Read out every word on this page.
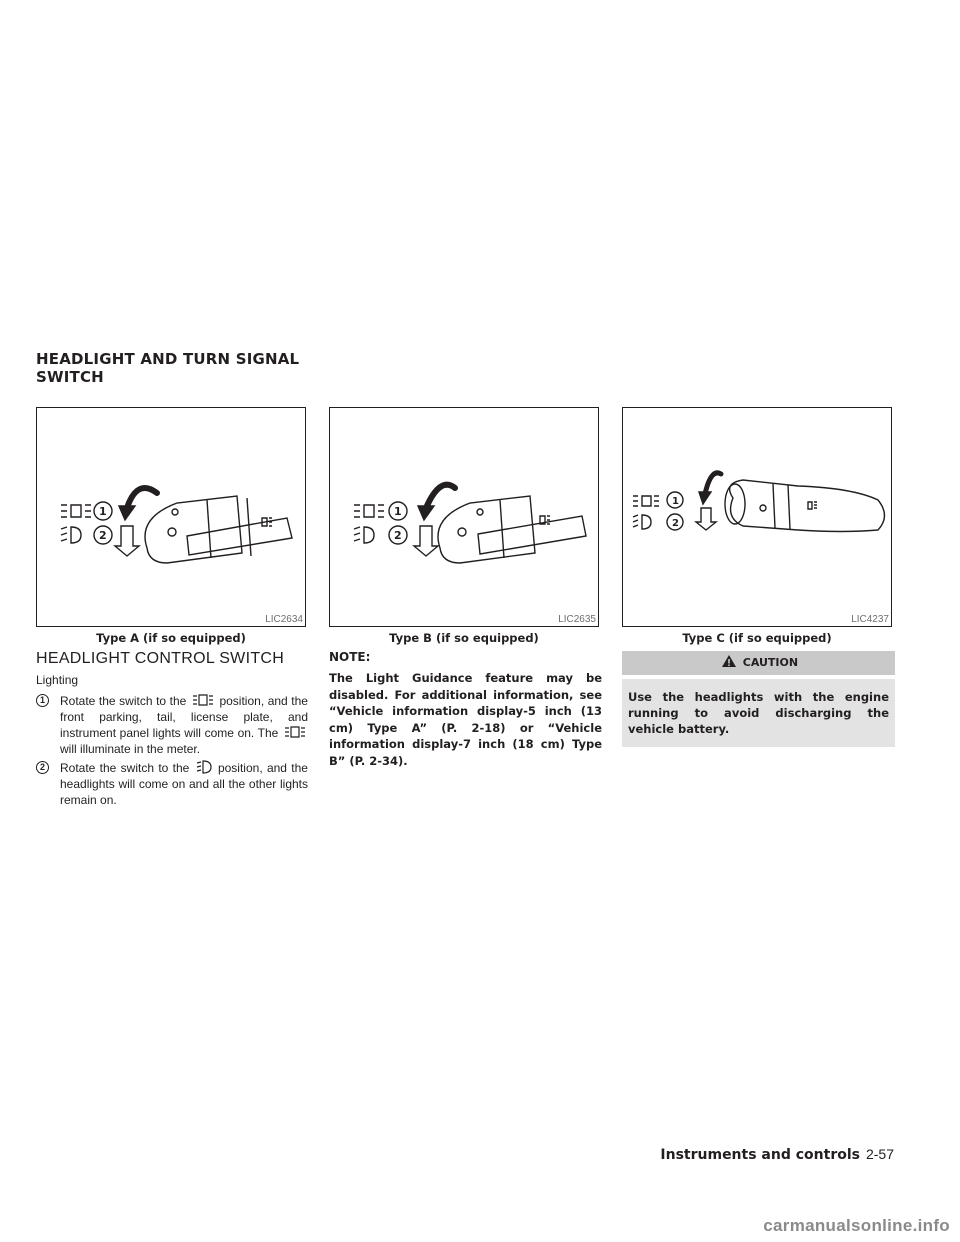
HEADLIGHT AND TURN SIGNAL
SWITCH
1
2
LIC2634
Type A (if so equipped)
1
2
LIC2635
Type B (if so equipped)
1
2
LIC4237
Type C (if so equipped)
HEADLIGHT CONTROL SWITCH
Lighting
1	Rotate the switch to the	position, and the front parking, tail, license plate, and instrument panel lights will come on. The  will illuminate in the meter.
2	Rotate the switch to the position, and the headlights will come on and all the other lights remain on.
NOTE:
The Light Guidance feature may be disabled. For additional information, see “Vehicle information display-5 inch (13 cm) Type A” (P. 2-18) or “Vehicle information display-7 inch (18 cm) Type B” (P. 2-34).
CAUTION
Use the headlights with the engine running to avoid discharging the vehicle battery.
Instruments and controls 2-57
carmanualsonline.info
